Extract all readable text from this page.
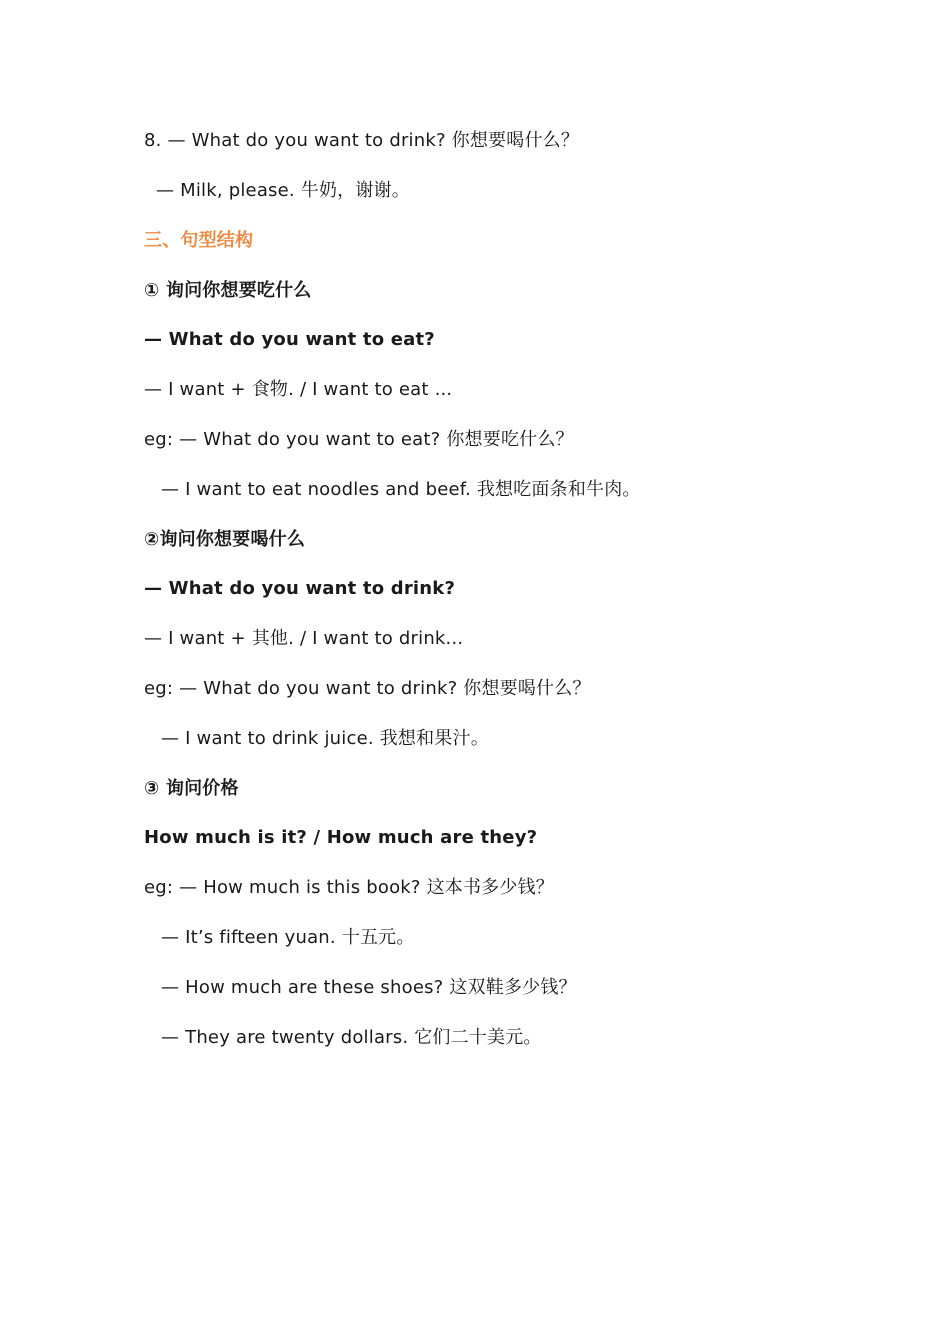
8. — What do you want to drink? 你想要喝什么？
— Milk, please. 牛奶，谢谢。
三、句型结构
① 询问你想要吃什么
— What do you want to eat?
— I want + 食物. / I want to eat ...
eg: — What do you want to eat? 你想要吃什么？
— I want to eat noodles and beef. 我想吃面条和牛肉。
②询问你想要喝什么
— What do you want to drink?
— I want + 其他. / I want to drink...
eg: — What do you want to drink? 你想要喝什么？
— I want to drink juice. 我想和果汁。
③ 询问价格
How much is it? / How much are they?
eg: — How much is this book? 这本书多少钱？
— It’s fifteen yuan. 十五元。
— How much are these shoes? 这双鞋多少钱？
— They are twenty dollars. 它们二十美元。
